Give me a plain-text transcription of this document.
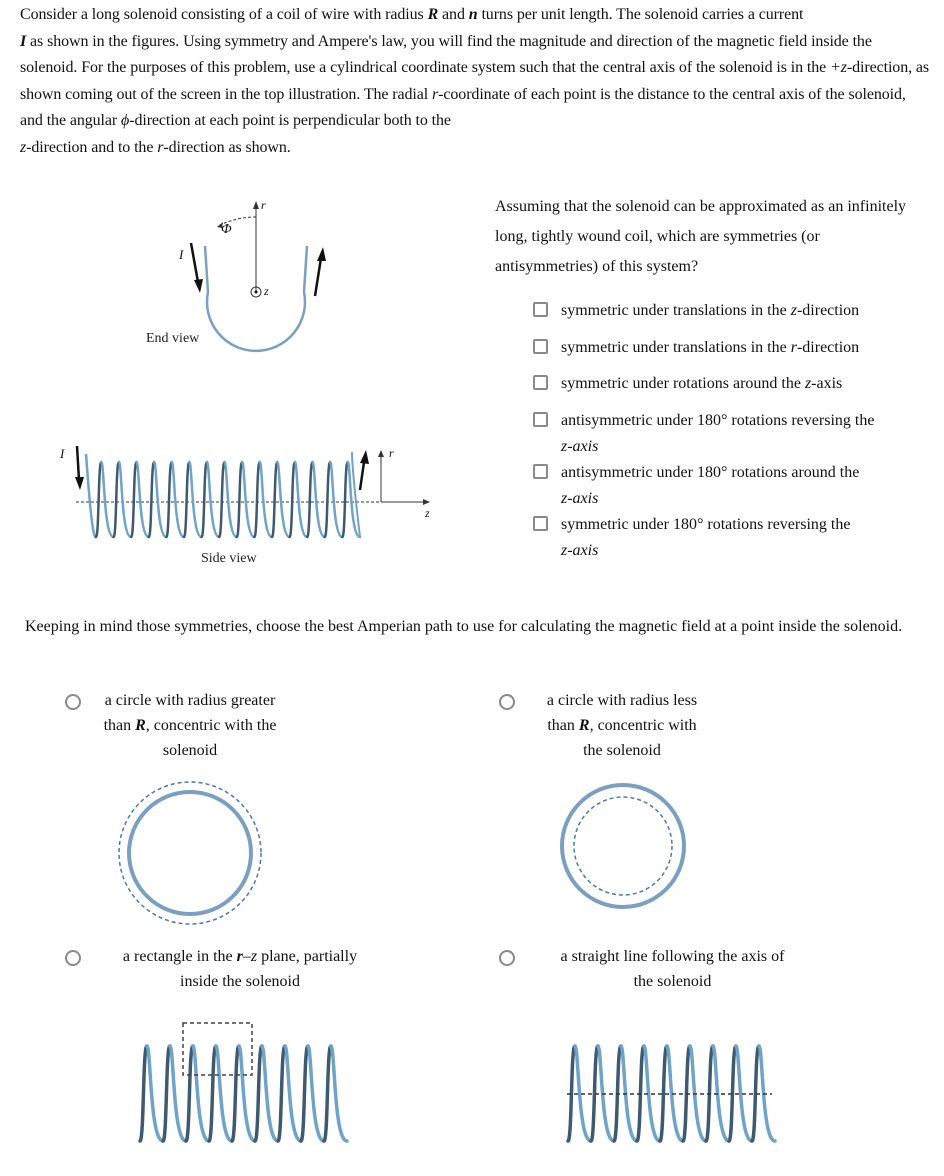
Consider a long solenoid consisting of a coil of wire with radius R and n turns per unit length. The solenoid carries a current
I as shown in the figures. Using symmetry and Ampere's law, you will find the magnitude and direction of the magnetic field inside the solenoid. For the purposes of this problem, use a cylindrical coordinate system such that the central axis of the solenoid is in the +z-direction, as shown coming out of the screen in the top illustration. The radial r-coordinate of each point is the distance to the central axis of the solenoid, and the angular ϕ-direction at each point is perpendicular both to the
z-direction and to the r-direction as shown.
r
Φ
z
I
End view
I	r
z
Side view
Assuming that the solenoid can be approximated as an infinitely long, tightly wound coil, which are symmetries (or antisymmetries) of this system?
symmetric under translations in the z-direction
symmetric under translations in the r-direction
symmetric under rotations around the z-axis
antisymmetric under 180° rotations reversing the
z-axis
antisymmetric under 180° rotations around the
z-axis
symmetric under 180° rotations reversing the
z-axis
Keeping in mind those symmetries, choose the best Amperian path to use for calculating the magnetic field at a point inside the solenoid.
a circle with radius greater
than R, concentric with the
solenoid
a circle with radius less
than R, concentric with
the solenoid
a rectangle in the r–z plane, partially
inside the solenoid
a straight line following the axis of
the solenoid
